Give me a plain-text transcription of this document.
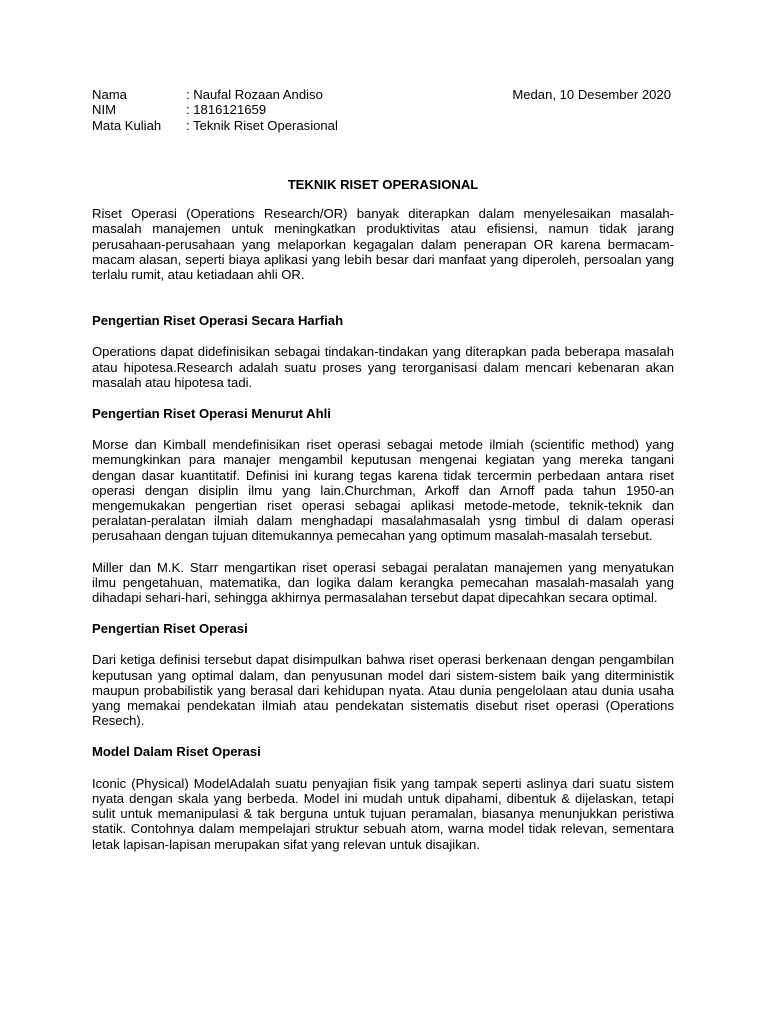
Nama	: Naufal Rozaan Andiso
NIM	: 1816121659
Mata Kuliah	: Teknik Riset Operasional
Medan, 10 Desember 2020
TEKNIK RISET OPERASIONAL

Riset Operasi (Operations Research/OR) banyak diterapkan dalam menyelesaikan masalah-masalah manajemen untuk meningkatkan produktivitas atau efisiensi, namun tidak jarang perusahaan-perusahaan yang melaporkan kegagalan dalam penerapan OR karena bermacam-macam alasan, seperti biaya aplikasi yang lebih besar dari manfaat yang diperoleh, persoalan yang terlalu rumit, atau ketiadaan ahli OR.

Pengertian Riset Operasi Secara Harfiah

Operations dapat didefinisikan sebagai tindakan-tindakan yang diterapkan pada beberapa masalah atau hipotesa.Research adalah suatu proses yang terorganisasi dalam mencari kebenaran akan masalah atau hipotesa tadi.

Pengertian Riset Operasi Menurut Ahli

Morse dan Kimball mendefinisikan riset operasi sebagai metode ilmiah (scientific method) yang memungkinkan para manajer mengambil keputusan mengenai kegiatan yang mereka tangani dengan dasar kuantitatif. Definisi ini kurang tegas karena tidak tercermin perbedaan antara riset operasi dengan disiplin ilmu yang lain.Churchman, Arkoff dan Arnoff pada tahun 1950-an mengemukakan pengertian riset operasi sebagai aplikasi metode-metode, teknik-teknik dan peralatan-peralatan ilmiah dalam menghadapi masalahmasalah ysng timbul di dalam operasi perusahaan dengan tujuan ditemukannya pemecahan yang optimum masalah-masalah tersebut.

Miller dan M.K. Starr mengartikan riset operasi sebagai peralatan manajemen yang menyatukan ilmu pengetahuan, matematika, dan logika dalam kerangka pemecahan masalah-masalah yang dihadapi sehari-hari, sehingga akhirnya permasalahan tersebut dapat dipecahkan secara optimal.

Pengertian Riset Operasi

Dari ketiga definisi tersebut dapat disimpulkan bahwa riset operasi berkenaan dengan pengambilan keputusan yang optimal dalam, dan penyusunan model dari sistem-sistem baik yang diterministik maupun probabilistik yang berasal dari kehidupan nyata. Atau dunia pengelolaan atau dunia usaha yang memakai pendekatan ilmiah atau pendekatan sistematis disebut riset operasi (Operations Resech).

Model Dalam Riset Operasi

Iconic (Physical) ModelAdalah suatu penyajian fisik yang tampak seperti aslinya dari suatu sistem nyata dengan skala yang berbeda. Model ini mudah untuk dipahami, dibentuk & dijelaskan, tetapi sulit untuk memanipulasi & tak berguna untuk tujuan peramalan, biasanya menunjukkan peristiwa statik. Contohnya dalam mempelajari struktur sebuah atom, warna model tidak relevan, sementara letak lapisan-lapisan merupakan sifat yang relevan untuk disajikan.
